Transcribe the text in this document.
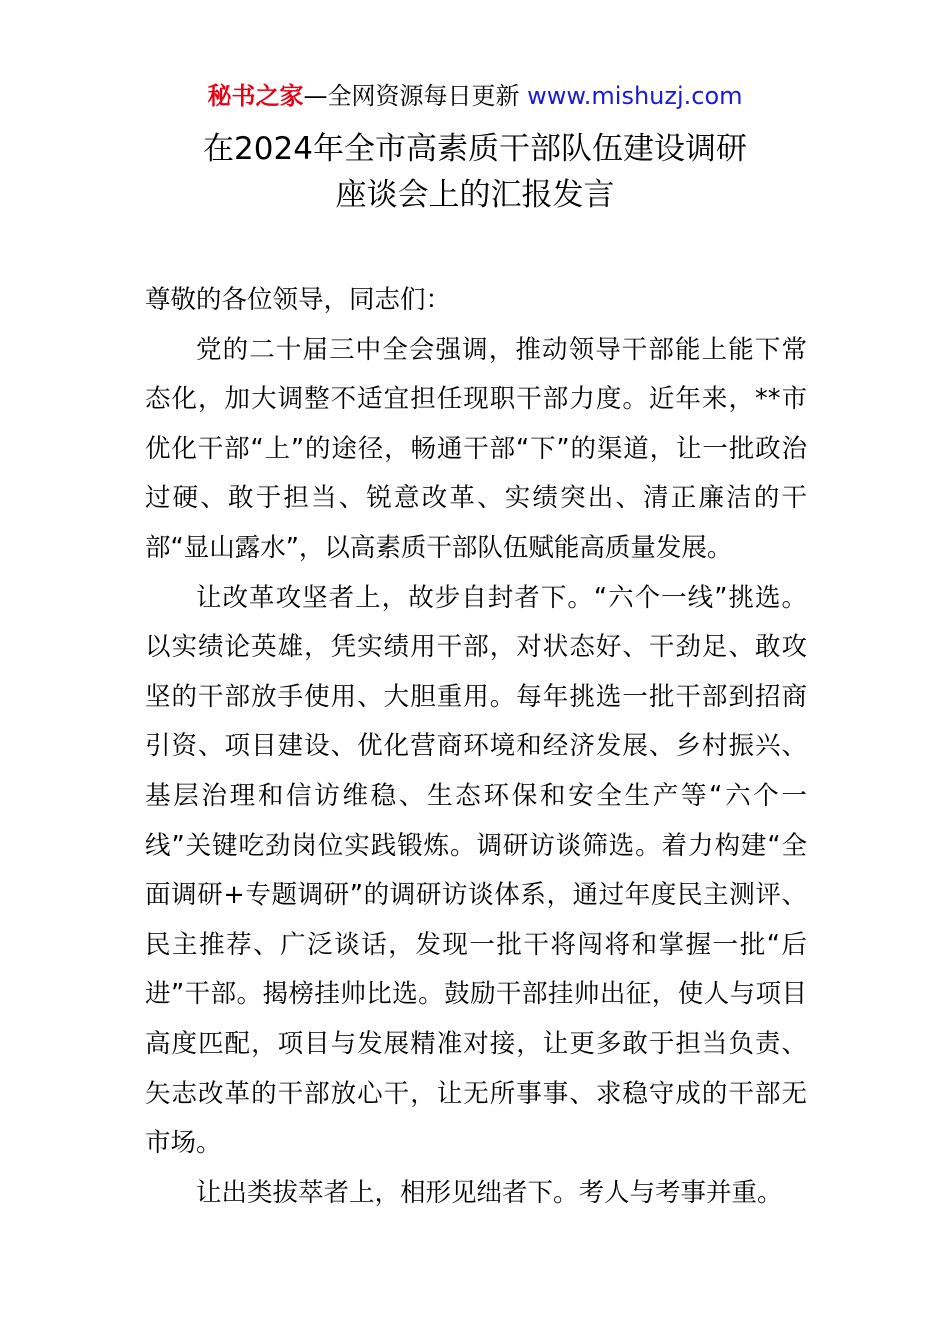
秘书之家—全网资源每日更新 www.mishuzj.com
在2024年全市高素质干部队伍建设调研
座谈会上的汇报发言

尊敬的各位领导，同志们：

党的二十届三中全会强调，推动领导干部能上能下常态化，加大调整不适宜担任现职干部力度。近年来，**市优化干部“上”的途径，畅通干部“下”的渠道，让一批政治过硬、敢于担当、锐意改革、实绩突出、清正廉洁的干部“显山露水”，以高素质干部队伍赋能高质量发展。

让改革攻坚者上，故步自封者下。“六个一线”挑选。以实绩论英雄，凭实绩用干部，对状态好、干劲足、敢攻坚的干部放手使用、大胆重用。每年挑选一批干部到招商引资、项目建设、优化营商环境和经济发展、乡村振兴、基层治理和信访维稳、生态环保和安全生产等“六个一线”关键吃劲岗位实践锻炼。调研访谈筛选。着力构建“全面调研+专题调研”的调研访谈体系，通过年度民主测评、民主推荐、广泛谈话，发现一批干将闯将和掌握一批“后进”干部。揭榜挂帅比选。鼓励干部挂帅出征，使人与项目高度匹配，项目与发展精准对接，让更多敢于担当负责、矢志改革的干部放心干，让无所事事、求稳守成的干部无市场。

让出类拔萃者上，相形见绌者下。考人与考事并重。
